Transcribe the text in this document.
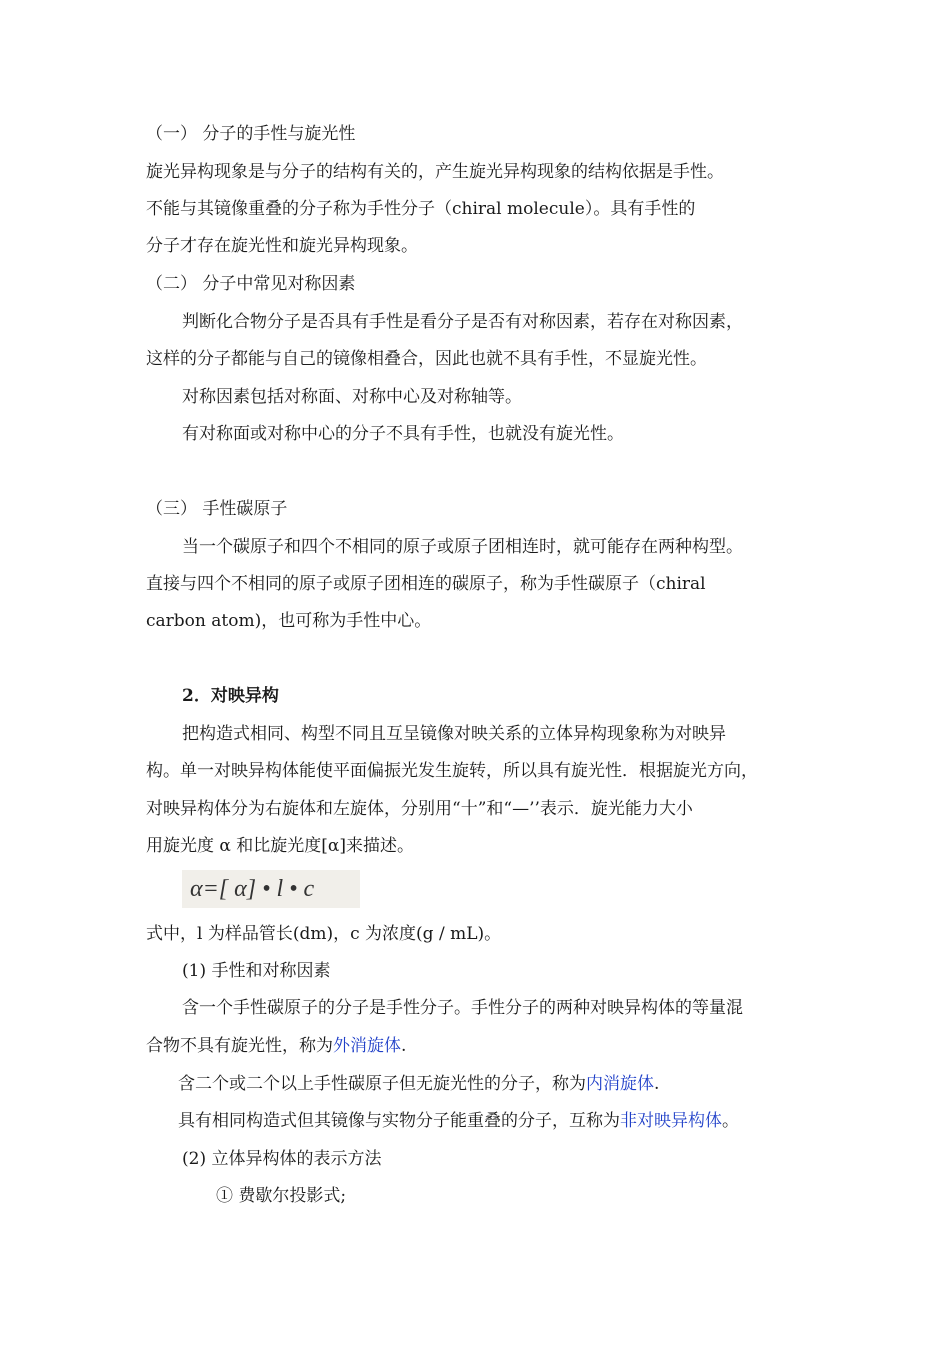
（一） 分子的手性与旋光性
旋光异构现象是与分子的结构有关的，产生旋光异构现象的结构依据是手性。
不能与其镜像重叠的分子称为手性分子（chiral molecule）。具有手性的
分子才存在旋光性和旋光异构现象。
（二） 分子中常见对称因素
判断化合物分子是否具有手性是看分子是否有对称因素，若存在对称因素，
这样的分子都能与自己的镜像相叠合，因此也就不具有手性，不显旋光性。
对称因素包括对称面、对称中心及对称轴等。
有对称面或对称中心的分子不具有手性，也就没有旋光性。
（三） 手性碳原子
当一个碳原子和四个不相同的原子或原子团相连时，就可能存在两种构型。
直接与四个不相同的原子或原子团相连的碳原子，称为手性碳原子（chiral
carbon atom)，也可称为手性中心。
2．对映异构
把构造式相同、构型不同且互呈镜像对映关系的立体异构现象称为对映异
构。单一对映异构体能使平面偏振光发生旋转，所以具有旋光性．根据旋光方向，
对映异构体分为右旋体和左旋体，分别用“十”和“—’’表示．旋光能力大小
用旋光度 α 和比旋光度[α]来描述。
α=[ α] • l • c
式中，l 为样品管长(dm)，c 为浓度(g / mL)。
(1) 手性和对称因素
含一个手性碳原子的分子是手性分子。手性分子的两种对映异构体的等量混
合物不具有旋光性，称为外消旋体.
含二个或二个以上手性碳原子但无旋光性的分子，称为内消旋体.
具有相同构造式但其镜像与实物分子能重叠的分子，互称为非对映异构体。
(2) 立体异构体的表示方法
① 费歇尔投影式;
